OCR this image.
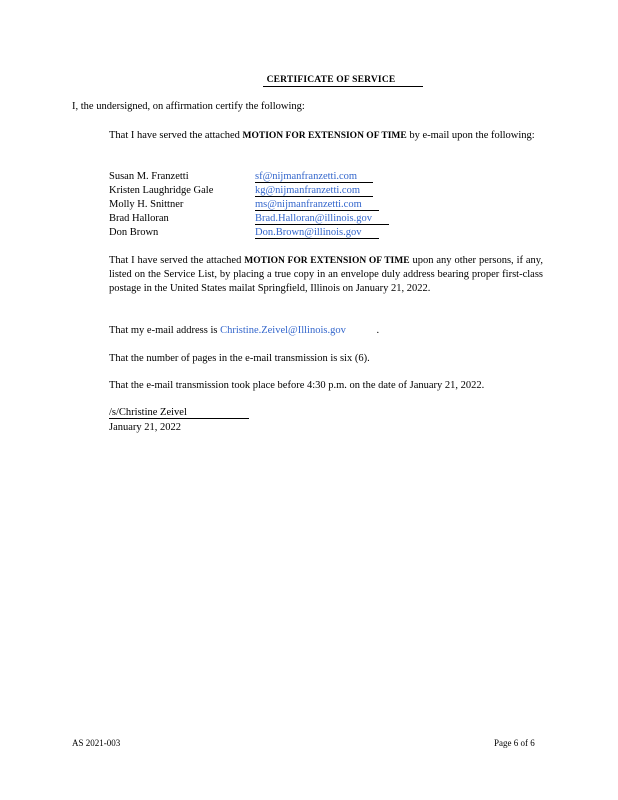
CERTIFICATE OF SERVICE
I, the undersigned, on affirmation certify the following:
That I have served the attached MOTION FOR EXTENSION OF TIME by e-mail upon the following:
Susan M. Franzetti	sf@nijmanfranzetti.com
Kristen Laughridge Gale	kg@nijmanfranzetti.com
Molly H. Snittner	ms@nijmanfranzetti.com
Brad Halloran	Brad.Halloran@illinois.gov
Don Brown	Don.Brown@illinois.gov
That I have served the attached MOTION FOR EXTENSION OF TIME upon any other persons, if any, listed on the Service List, by placing a true copy in an envelope duly address bearing proper first-class postage in the United States mailat Springfield, Illinois on January 21, 2022.
That my e-mail address is Christine.Zeivel@Illinois.gov	.
That the number of pages in the e-mail transmission is six (6).
That the e-mail transmission took place before 4:30 p.m. on the date of January 21, 2022.
/s/Christine Zeivel
January 21, 2022
AS 2021-003	Page 6 of 6
